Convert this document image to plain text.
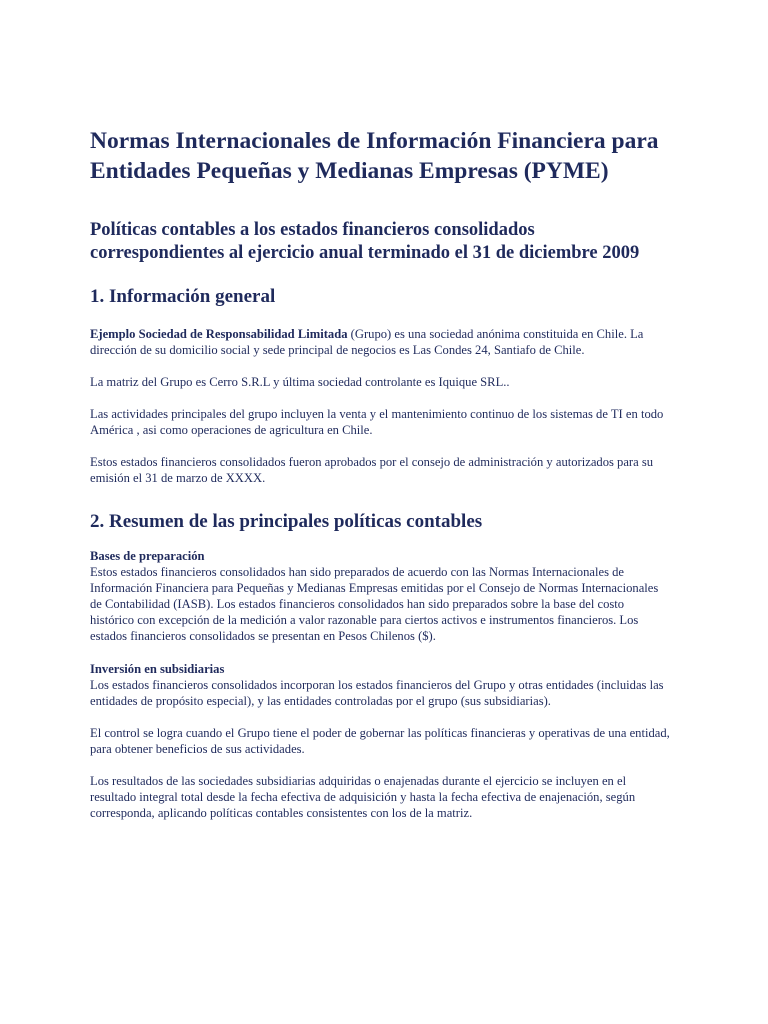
Normas Internacionales de Información Financiera para Entidades Pequeñas y Medianas Empresas (PYME)
Políticas contables a los estados financieros consolidados correspondientes al ejercicio anual terminado el 31 de diciembre 2009
1. Información general

Ejemplo Sociedad de Responsabilidad Limitada (Grupo) es una sociedad anónima constituida en Chile. La dirección de su domicilio social y sede principal de negocios es Las Condes 24, Santiafo de Chile.

La matriz del Grupo es Cerro S.R.L y última sociedad controlante es Iquique SRL..

Las actividades principales del grupo incluyen la venta y el mantenimiento continuo de los sistemas de TI en todo América , asi como operaciones de agricultura en Chile.

Estos estados financieros consolidados fueron aprobados por el consejo de administración y autorizados para su emisión el 31 de marzo de XXXX.

2. Resumen de las principales políticas contables
Bases de preparación

Estos estados financieros consolidados han sido preparados de acuerdo con las Normas Internacionales de Información Financiera para Pequeñas y Medianas Empresas emitidas por el Consejo de Normas Internacionales de Contabilidad (IASB). Los estados financieros consolidados han sido preparados sobre la base del costo histórico con excepción de la medición a valor razonable para ciertos activos e instrumentos financieros. Los estados financieros consolidados se presentan en Pesos Chilenos ($).

Inversión en subsidiarias

Los estados financieros consolidados incorporan los estados financieros del Grupo y otras entidades (incluidas las entidades de propósito especial), y las entidades controladas por el grupo (sus subsidiarias).

El control se logra cuando el Grupo tiene el poder de gobernar las políticas financieras y operativas de una entidad, para obtener beneficios de sus actividades.

Los resultados de las sociedades subsidiarias adquiridas o enajenadas durante el ejercicio se incluyen en el resultado integral total desde la fecha efectiva de adquisición y hasta la fecha efectiva de enajenación, según corresponda, aplicando políticas contables consistentes con los de la matriz.
